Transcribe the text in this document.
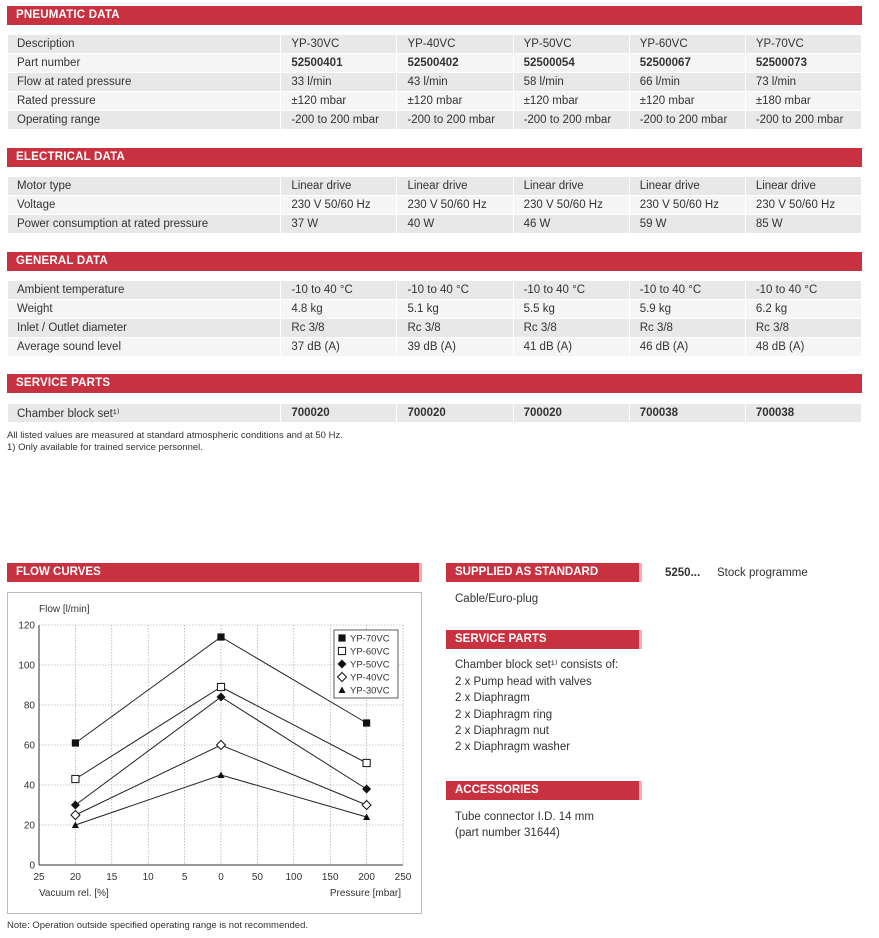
PNEUMATIC DATA
Description	YP-30VC	YP-40VC	YP-50VC	YP-60VC	YP-70VC
Part number	52500401	52500402	52500054	52500067	52500073
Flow at rated pressure	33 l/min	43 l/min	58 l/min	66 l/min	73 l/min
Rated pressure	±120 mbar	±120 mbar	±120 mbar	±120 mbar	±180 mbar
Operating range	-200 to 200 mbar	-200 to 200 mbar	-200 to 200 mbar	-200 to 200 mbar	-200 to 200 mbar
ELECTRICAL DATA
Motor type	Linear drive	Linear drive	Linear drive	Linear drive	Linear drive
Voltage	230 V 50/60 Hz	230 V 50/60 Hz	230 V 50/60 Hz	230 V 50/60 Hz	230 V 50/60 Hz
Power consumption at rated pressure	37 W	40 W	46 W	59 W	85 W
GENERAL DATA
Ambient temperature	-10 to 40 °C	-10 to 40 °C	-10 to 40 °C	-10 to 40 °C	-10 to 40 °C
Weight	4.8 kg	5.1 kg	5.5 kg	5.9 kg	6.2 kg
Inlet / Outlet diameter	Rc 3/8	Rc 3/8	Rc 3/8	Rc 3/8	Rc 3/8
Average sound level	37 dB (A)	39 dB (A)	41 dB (A)	46 dB (A)	48 dB (A)
SERVICE PARTS
Chamber block set¹⁾	700020	700020	700020	700038	700038
All listed values are measured at standard atmospheric conditions and at 50 Hz.
1) Only available for trained service personnel.
FLOW CURVES
0
20
40
60
80
100
120
25	20	15	10	5	0	50 100 150 200 250
Flow [l/min]
Vacuum rel. [%]	Pressure [mbar]
YP-70VC
YP-60VC
YP-50VC
YP-40VC
YP-30VC
Note: Operation outside specified operating range is not recommended.
SUPPLIED AS STANDARD	5250... Stock programme
Cable/Euro-plug
SERVICE PARTS
Chamber block set¹⁾ consists of:
2 x Pump head with valves
2 x Diaphragm
2 x Diaphragm ring
2 x Diaphragm nut
2 x Diaphragm washer
ACCESSORIES
Tube connector I.D. 14 mm
(part number 31644)
